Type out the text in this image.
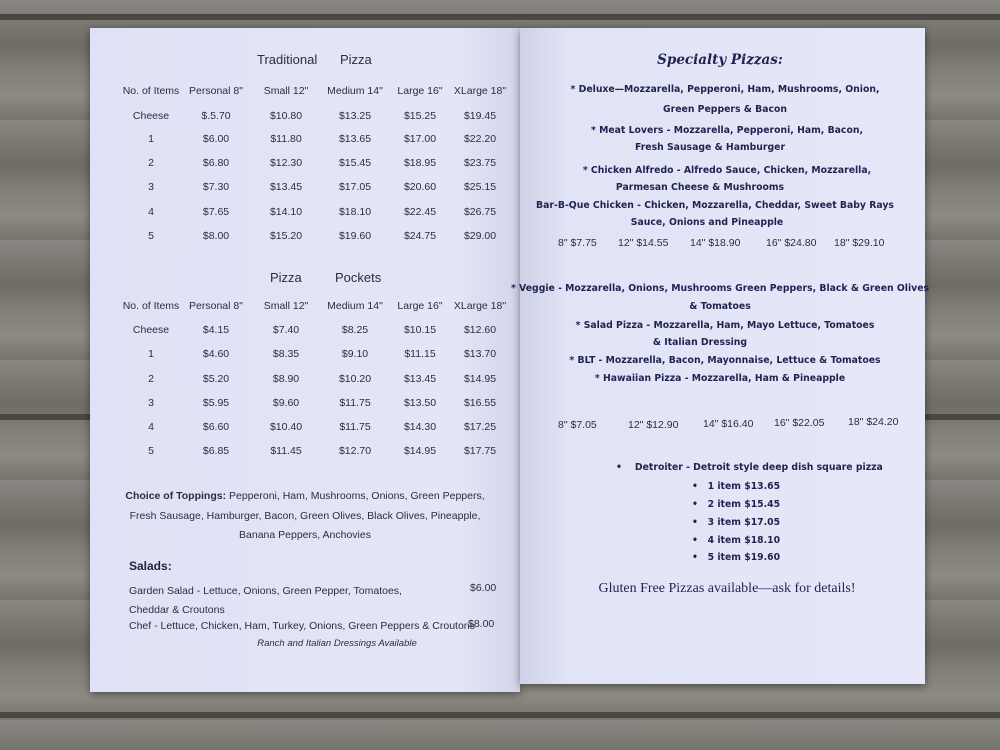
Traditional Pizza
No. of Items Personal 8" Small 12" Medium 14" Large 16" XLarge 18"
Cheese	$.5.70	$10.80	$13.25	$15.25	$19.45
1	$6.00	$11.80	$13.65	$17.00	$22.20
2	$6.80	$12.30	$15.45	$18.95	$23.75
3	$7.30	$13.45	$17.05	$20.60	$25.15
4	$7.65	$14.10	$18.10	$22.45	$26.75
5	$8.00	$15.20	$19.60	$24.75	$29.00
Pizza	Pockets
No. of Items Personal 8" Small 12" Medium 14" Large 16" XLarge 18"
Cheese	$4.15	$7.40	$8.25	$10.15	$12.60
1	$4.60	$8.35	$9.10	$11.15	$13.70
2	$5.20	$8.90	$10.20	$13.45	$14.95
3	$5.95	$9.60	$11.75	$13.50	$16.55
4	$6.60	$10.40	$11.75	$14.30	$17.25
5	$6.85	$11.45	$12.70	$14.95	$17.75
Choice of Toppings: Pepperoni, Ham, Mushrooms, Onions, Green Peppers,
Fresh Sausage, Hamburger, Bacon, Green Olives, Black Olives, Pineapple,
Banana Peppers, Anchovies
Salads:
Garden Salad - Lettuce, Onions, Green Pepper, Tomatoes,	$6.00
Cheddar & Croutons
Chef - Lettuce, Chicken, Ham, Turkey, Onions, Green Peppers & Croutons
$8.00
Ranch and Italian Dressings Available
Specialty Pizzas:
* Deluxe—Mozzarella, Pepperoni, Ham, Mushrooms, Onion,
Green Peppers & Bacon
* Meat Lovers - Mozzarella, Pepperoni, Ham, Bacon,
Fresh Sausage & Hamburger
* Chicken Alfredo - Alfredo Sauce, Chicken, Mozzarella,
Parmesan Cheese & Mushrooms
Bar-B-Que Chicken - Chicken, Mozzarella, Cheddar, Sweet Baby Rays
Sauce, Onions and Pineapple
8" $7.75 12" $14.55 14" $18.90 16" $24.80 18" $29.10
* Veggie - Mozzarella, Onions, Mushrooms Green Peppers, Black & Green Olives
& Tomatoes
* Salad Pizza - Mozzarella, Ham, Mayo Lettuce, Tomatoes
& Italian Dressing
* BLT - Mozzarella, Bacon, Mayonnaise, Lettuce & Tomatoes
* Hawaiian Pizza - Mozzarella, Ham & Pineapple
8" $7.05	12" $12.90 14" $16.40 16" $22.05 18" $24.20
•    Detroiter - Detroit style deep dish square pizza
•   1 item $13.65
•   2 item $15.45
•   3 item $17.05
•   4 item $18.10
•   5 item $19.60
Gluten Free Pizzas available—ask for details!
